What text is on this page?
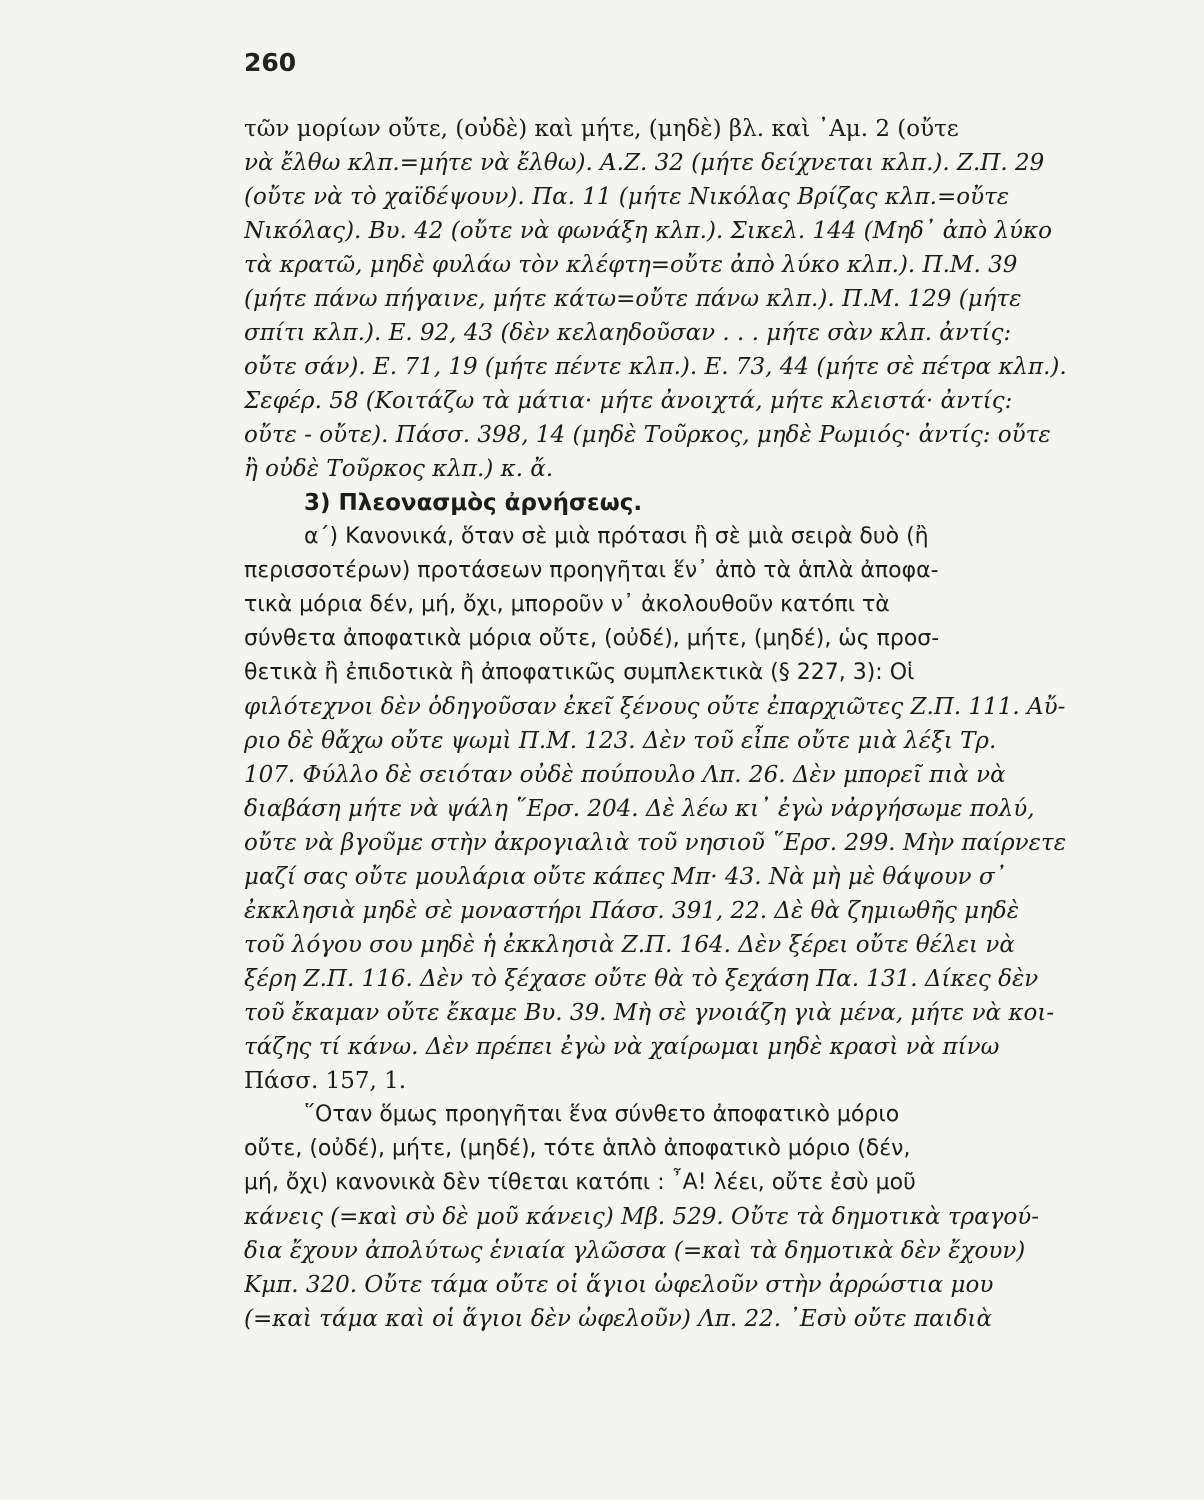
260
τῶν μορίων οὔτε, (οὐδὲ) καὶ μήτε, (μηδὲ) βλ. καὶ ᾿Αμ. 2 (οὔτε
νὰ ἔλθω κλπ.=μήτε νὰ ἔλθω). Α.Ζ. 32 (μήτε δείχνεται κλπ.). Ζ.Π. 29
(οὔτε νὰ τὸ χαϊδέψουν). Πα. 11 (μήτε Νικόλας Βρίζας κλπ.=οὔτε
Νικόλας). Βυ. 42 (οὔτε νὰ φωνάξη κλπ.). Σικελ. 144 (Μηδ᾿ ἀπὸ λύκο
τὰ κρατῶ, μηδὲ φυλάω τὸν κλέφτη=οὔτε ἀπὸ λύκο κλπ.). Π.Μ. 39
(μήτε πάνω πήγαινε, μήτε κάτω=οὔτε πάνω κλπ.). Π.Μ. 129 (μήτε
σπίτι κλπ.). Ε. 92, 43 (δὲν κελαηδοῦσαν . . . μήτε σὰν κλπ. ἀντίς:
οὔτε σάν). Ε. 71, 19 (μήτε πέντε κλπ.). Ε. 73, 44 (μήτε σὲ πέτρα κλπ.).
Σεφέρ. 58 (Κοιτάζω τὰ μάτια· μήτε ἀνοιχτά, μήτε κλειστά· ἀντίς:
οὔτε - οὔτε). Πάσσ. 398, 14 (μηδὲ Τοῦρκος, μηδὲ Ρωμιός· ἀντίς: οὔτε
ἢ οὐδὲ Τοῦρκος κλπ.) κ. ἄ.
3) Πλεονασμὸς ἀρνήσεως.
α΄) Κανονικά, ὅταν σὲ μιὰ πρότασι ἢ σὲ μιὰ σειρὰ δυὸ (ἢ
περισσοτέρων) προτάσεων προηγῆται ἕν᾿ ἀπὸ τὰ ἁπλὰ ἀποφα-
τικὰ μόρια δέν, μή, ὄχι, μποροῦν ν᾿ ἀκολουθοῦν κατόπι τὰ
σύνθετα ἀποφατικὰ μόρια οὔτε, (οὐδέ), μήτε, (μηδέ), ὡς προσ-
θετικὰ ἢ ἐπιδοτικὰ ἢ ἀποφατικῶς συμπλεκτικὰ (§ 227, 3): Οἱ
φιλότεχνοι δὲν ὁδηγοῦσαν ἐκεῖ ξένους οὔτε ἐπαρχιῶτες Ζ.Π. 111. Αὔ-
ριο δὲ θἄχω οὔτε ψωμὶ Π.Μ. 123. Δὲν τοῦ εἶπε οὔτε μιὰ λέξι Τρ.
107. Φύλλο δὲ σειόταν οὐδὲ πούπουλο Λπ. 26. Δὲν μπορεῖ πιὰ νὰ
διαβάση μήτε νὰ ψάλη ῞Ερσ. 204. Δὲ λέω κι᾿ ἐγὼ νἀργήσωμε πολύ,
οὔτε νὰ βγοῦμε στὴν ἀκρογιαλιὰ τοῦ νησιοῦ ῞Ερσ. 299. Μὴν παίρνετε
μαζί σας οὔτε μουλάρια οὔτε κάπες Μπ· 43. Νὰ μὴ μὲ θάψουν σ᾿
ἐκκλησιὰ μηδὲ σὲ μοναστήρι Πάσσ. 391, 22. Δὲ θὰ ζημιωθῆς μηδὲ
τοῦ λόγου σου μηδὲ ἡ ἐκκλησιὰ Ζ.Π. 164. Δὲν ξέρει οὔτε θέλει νὰ
ξέρη Ζ.Π. 116. Δὲν τὸ ξέχασε οὔτε θὰ τὸ ξεχάση Πα. 131. Δίκες δὲν
τοῦ ἔκαμαν οὔτε ἔκαμε Βυ. 39. Μὴ σὲ γνοιάζη γιὰ μένα, μήτε νὰ κοι-
τάζης τί κάνω. Δὲν πρέπει ἐγὼ νὰ χαίρωμαι μηδὲ κρασὶ νὰ πίνω
Πάσσ. 157, 1.
῞Οταν ὅμως προηγῆται ἕνα σύνθετο ἀποφατικὸ μόριο
οὔτε, (οὐδέ), μήτε, (μηδέ), τότε ἁπλὸ ἀποφατικὸ μόριο (δέν,
μή, ὄχι) κανονικὰ δὲν τίθεται κατόπι : ῏Α! λέει, οὔτε ἐσὺ μοῦ
κάνεις (=καὶ σὺ δὲ μοῦ κάνεις) Μβ. 529. Οὔτε τὰ δημοτικὰ τραγού-
δια ἔχουν ἀπολύτως ἑνιαία γλῶσσα (=καὶ τὰ δημοτικὰ δὲν ἔχουν)
Κμπ. 320. Οὔτε τάμα οὔτε οἱ ἅγιοι ὠφελοῦν στὴν ἀρρώστια μου
(=καὶ τάμα καὶ οἱ ἅγιοι δὲν ὠφελοῦν) Λπ. 22. ᾿Εσὺ οὔτε παιδιὰ
